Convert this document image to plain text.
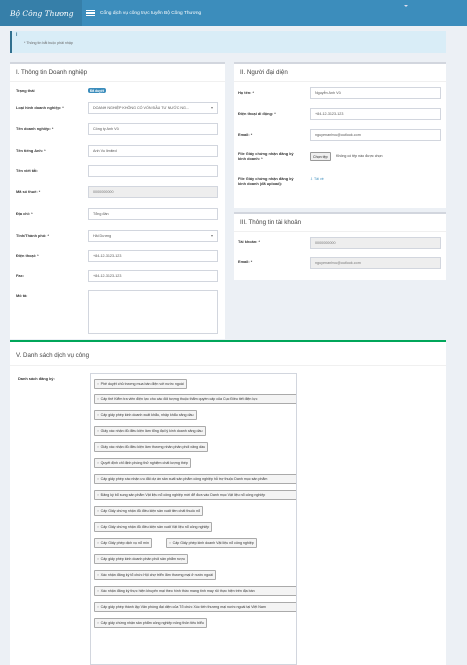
Bộ Công Thương	Cổng dịch vụ công trực tuyến Bộ Công Thương
i
* Thông tin bắt buộc phải nhập
I. Thông tin Doanh nghiệp
Trạng thái	Đã duyệt
Loại hình doanh nghiệp: *	DOANH NGHIỆP KHÔNG CÓ VỐN ĐẦU TƯ NƯỚC NG...
Tên doanh nghiệp: *	Công ty Anh Vũ
Tên tiếng Anh: *	Anh Vu limited
Tên viết tắt:
Mã số thuế: *	0000000000
Địa chỉ: *	Tổng đàn
Tỉnh/Thành phố: *	Hải Dương
Điện thoại: *	+84-12-3123-123
Fax:	+84-12-3123-123
Mô tả:
II. Người đại diện
Họ tên: *	Nguyễn Anh Vũ
Điện thoại di động: *	+84-12-3123-123
Email: *	nguyenanhvu@outlook.com
File Giấy chứng nhận đăng ký
kinh doanh: *	Chọn tệp	Không có tệp nào được chọn
File Giấy chứng nhận đăng ký
kinh doanh (đã upload):
⇩ Tải về
III. Thông tin tài khoản
Tài khoản: *	0000000000
Email: *	nguyenanhvu@outlook.com
V. Danh sách dịch vụ công
Danh sách đăng ký:
× Phê duyệt chủ trương mua bán điện với nước ngoài
× Cấp thẻ Kiểm tra viên điện lực cho các đối tượng thuộc thẩm quyền cấp của Cục Điều tiết điện lực
× Cấp giấy phép kinh doanh xuất khẩu, nhập khẩu xăng dầu
× Giấy xác nhận đủ điều kiện làm tổng đại lý kinh doanh xăng dầu
× Giấy xác nhận đủ điều kiện làm thương nhân phân phối xăng dầu
× Quyết định chỉ định phòng thử nghiệm chất lượng thép
× Cấp giấy phép xác nhận ưu đãi dự án sản xuất sản phẩm công nghiệp hỗ trợ thuộc Danh mục sản phẩm
× Đăng ký bổ sung sản phẩm Vật liệu nổ công nghiệp mới để đưa vào Danh mục Vật liệu nổ công nghiệp
× Cấp Giấy chứng nhận đủ điều kiện sản xuất tiền chất thuốc nổ
× Cấp Giấy chứng nhận đủ điều kiện sản xuất Vật liệu nổ công nghiệp
× Cấp Giấy phép dịch vụ nổ mìn	× Cấp Giấy phép kinh doanh Vật liệu nổ công nghiệp
× Cấp giấy phép kinh doanh phân phối sản phẩm rượu
× Xác nhận đăng ký tổ chức Hội chợ triển lãm thương mại ở nước ngoài
× Xác nhận đăng ký thực hiện khuyến mại theo hình thức mang tính may rủi thực hiện trên địa bàn
× Cấp giấy phép thành lập Văn phòng đại diện của Tổ chức Xúc tiến thương mại nước ngoài tại Việt Nam
× Cấp giấy chứng nhận sản phẩm công nghiệp nông thôn tiêu biểu
